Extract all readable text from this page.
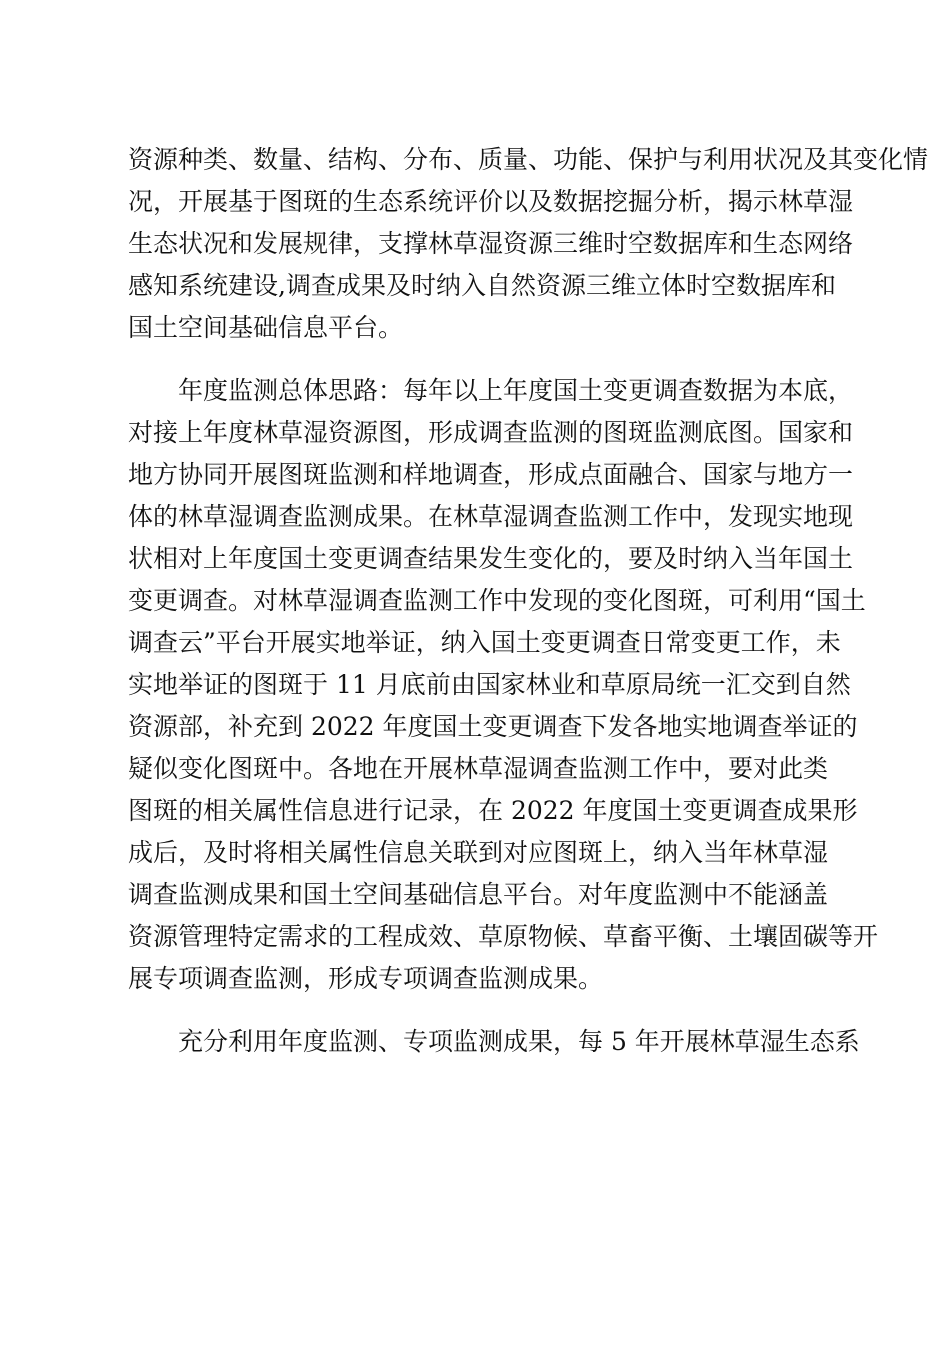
资源种类、数量、结构、分布、质量、功能、保护与利用状况及其变化情
况，开展基于图斑的生态系统评价以及数据挖掘分析，揭示林草湿
生态状况和发展规律，支撑林草湿资源三维时空数据库和生态网络
感知系统建设,调查成果及时纳入自然资源三维立体时空数据库和
国土空间基础信息平台。
年度监测总体思路：每年以上年度国土变更调查数据为本底，
对接上年度林草湿资源图，形成调查监测的图斑监测底图。国家和
地方协同开展图斑监测和样地调查，形成点面融合、国家与地方一
体的林草湿调查监测成果。在林草湿调查监测工作中，发现实地现
状相对上年度国土变更调查结果发生变化的，要及时纳入当年国土
变更调查。对林草湿调查监测工作中发现的变化图斑，可利用“国土
调查云”平台开展实地举证，纳入国土变更调查日常变更工作，未
实地举证的图斑于 11 月底前由国家林业和草原局统一汇交到自然
资源部，补充到 2022 年度国土变更调查下发各地实地调查举证的
疑似变化图斑中。各地在开展林草湿调查监测工作中，要对此类
图斑的相关属性信息进行记录，在 2022 年度国土变更调查成果形
成后，及时将相关属性信息关联到对应图斑上，纳入当年林草湿
调查监测成果和国土空间基础信息平台。对年度监测中不能涵盖
资源管理特定需求的工程成效、草原物候、草畜平衡、土壤固碳等开
展专项调查监测，形成专项调查监测成果。
充分利用年度监测、专项监测成果，每 5 年开展林草湿生态系
